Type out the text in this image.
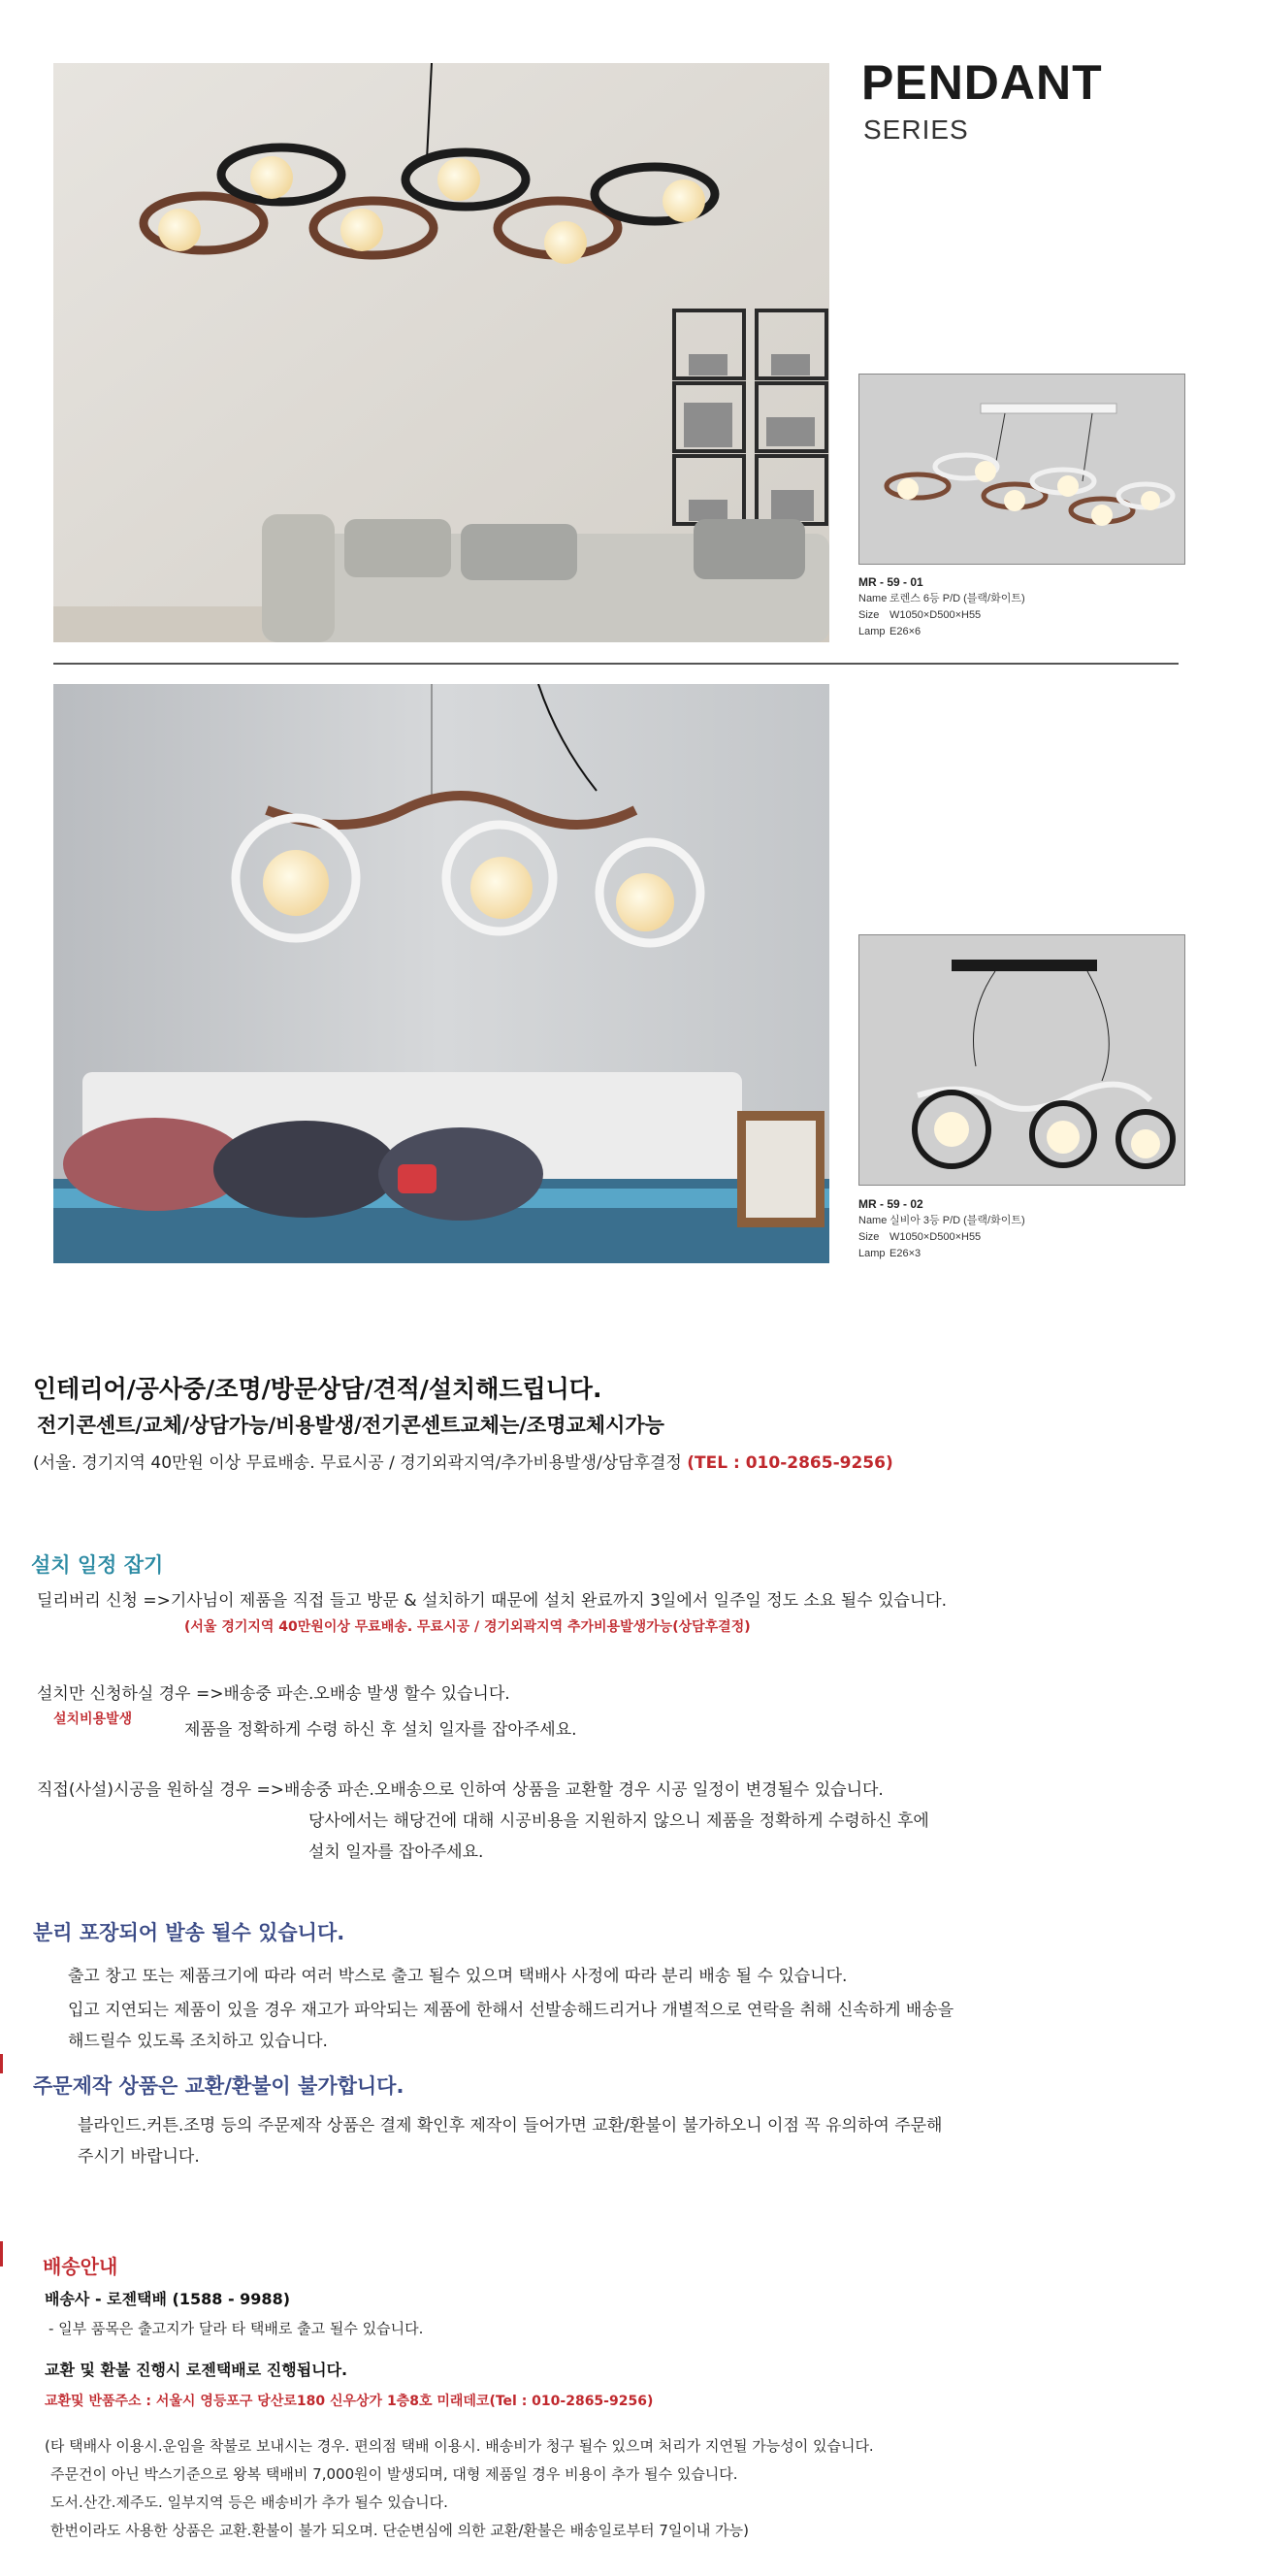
PENDANT
SERIES
MR - 59 - 01
Name 로렌스 6등 P/D (블랙/화이트)
Size W1050×D500×H55
Lamp E26×6
MR - 59 - 02
Name 실비아 3등 P/D (블랙/화이트)
Size W1050×D500×H55
Lamp E26×3
인테리어/공사중/조명/방문상담/견적/설치해드립니다.
전기콘센트/교체/상담가능/비용발생/전기콘센트교체는/조명교체시가능
(서울. 경기지역 40만원 이상 무료배송. 무료시공 / 경기외곽지역/추가비용발생/상담후결정 (TEL : 010-2865-9256)
설치 일정 잡기
딜리버리 신청 =>기사님이 제품을 직접 들고 방문 & 설치하기 때문에 설치 완료까지 3일에서 일주일 정도 소요 될수 있습니다.
(서울 경기지역 40만원이상 무료배송. 무료시공 / 경기외곽지역 추가비용발생가능(상담후결정)
설치만 신청하실 경우 =>배송중 파손.오배송 발생 할수 있습니다.
설치비용발생
제품을 정확하게 수령 하신 후 설치 일자를 잡아주세요.
직접(사설)시공을 원하실 경우 =>배송중 파손.오배송으로 인하여 상품을 교환할 경우 시공 일정이 변경될수 있습니다.
당사에서는 해당건에 대해 시공비용을 지원하지 않으니 제품을 정확하게 수령하신 후에
설치 일자를 잡아주세요.
분리 포장되어 발송 될수 있습니다.
출고 창고 또는 제품크기에 따라 여러 박스로 출고 될수 있으며 택배사 사정에 따라 분리 배송 될 수 있습니다.
입고 지연되는 제품이 있을 경우 재고가 파악되는 제품에 한해서 선발송해드리거나 개별적으로 연락을 취해 신속하게 배송을
해드릴수 있도록 조치하고 있습니다.
주문제작 상품은 교환/환불이 불가합니다.
블라인드.커튼.조명 등의 주문제작 상품은 결제 확인후 제작이 들어가면 교환/환불이 불가하오니 이점 꼭 유의하여 주문해
주시기 바랍니다.
배송안내
배송사 - 로젠택배 (1588 - 9988)
- 일부 품목은 출고지가 달라 타 택배로 출고 될수 있습니다.
교환 및 환불 진행시 로젠택배로 진행됩니다.
교환및 반품주소 : 서울시 영등포구 당산로180 신우상가 1층8호 미래데코(Tel : 010-2865-9256)
(타 택배사 이용시.운임을 착불로 보내시는 경우. 편의점 택배 이용시. 배송비가 청구 될수 있으며 처리가 지연될 가능성이 있습니다.
주문건이 아닌 박스기준으로 왕복 택배비 7,000원이 발생되며, 대형 제품일 경우 비용이 추가 될수 있습니다.
도서.산간.제주도. 일부지역 등은 배송비가 추가 될수 있습니다.
한번이라도 사용한 상품은 교환.환불이 불가 되오며. 단순변심에 의한 교환/환불은 배송일로부터 7일이내 가능)
